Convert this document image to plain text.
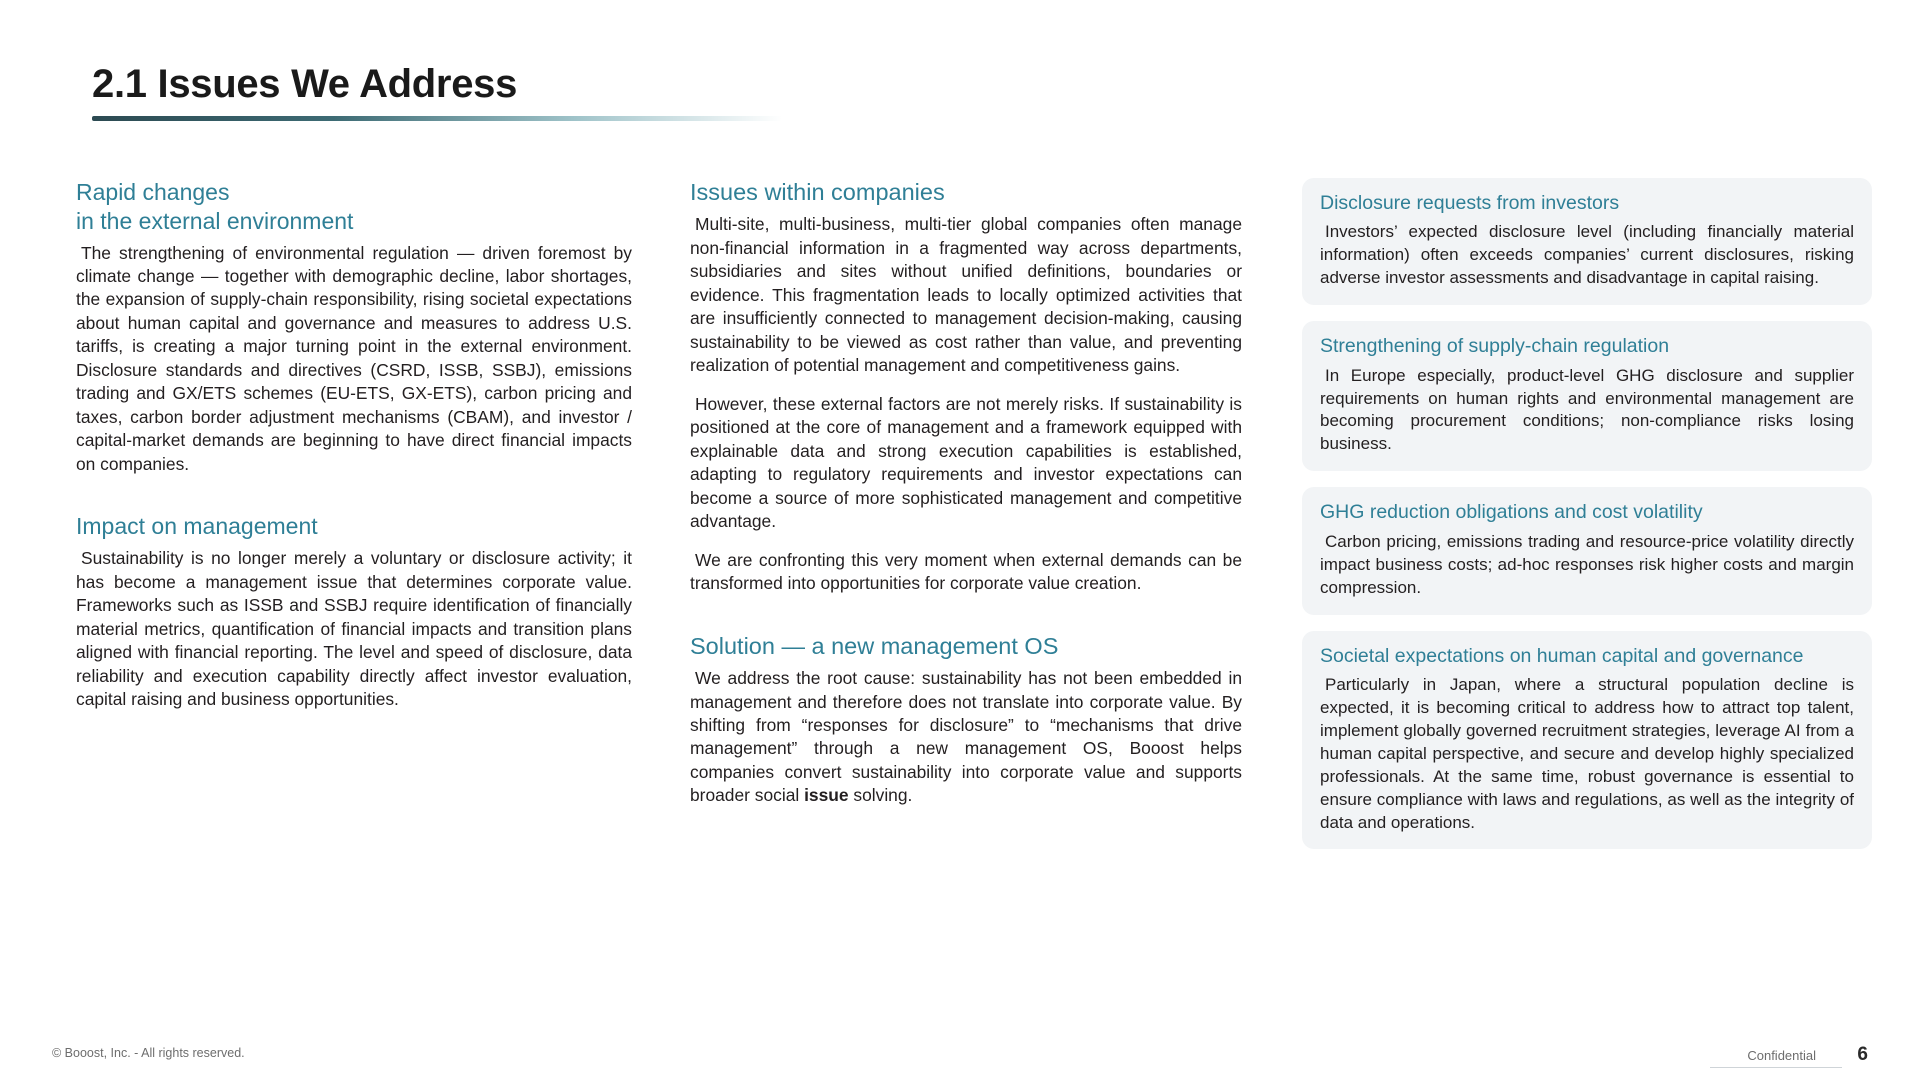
2.1 Issues We Address
Rapid changes
in the external environment

The strengthening of environmental regulation — driven foremost by climate change — together with demographic decline, labor shortages, the expansion of supply-chain responsibility, rising societal expectations about human capital and governance and measures to address U.S. tariffs, is creating a major turning point in the external environment. Disclosure standards and directives (CSRD, ISSB, SSBJ), emissions trading and GX/ETS schemes (EU-ETS, GX-ETS), carbon pricing and taxes, carbon border adjustment mechanisms (CBAM), and investor / capital-market demands are beginning to have direct financial impacts on companies.

Impact on management

Sustainability is no longer merely a voluntary or disclosure activity; it has become a management issue that determines corporate value. Frameworks such as ISSB and SSBJ require identification of financially material metrics, quantification of financial impacts and transition plans aligned with financial reporting. The level and speed of disclosure, data reliability and execution capability directly affect investor evaluation, capital raising and business opportunities.

Issues within companies

Multi-site, multi-business, multi-tier global companies often manage non-financial information in a fragmented way across departments, subsidiaries and sites without unified definitions, boundaries or evidence. This fragmentation leads to locally optimized activities that are insufficiently connected to management decision-making, causing sustainability to be viewed as cost rather than value, and preventing realization of potential management and competitiveness gains.

However, these external factors are not merely risks. If sustainability is positioned at the core of management and a framework equipped with explainable data and strong execution capabilities is established, adapting to regulatory requirements and investor expectations can become a source of more sophisticated management and competitive advantage.

We are confronting this very moment when external demands can be transformed into opportunities for corporate value creation.

Solution — a new management OS

We address the root cause: sustainability has not been embedded in management and therefore does not translate into corporate value. By shifting from “responses for disclosure” to “mechanisms that drive management” through a new management OS, Booost helps companies convert sustainability into corporate value and supports broader social issue solving.

Disclosure requests from investors

Investors’ expected disclosure level (including financially material information) often exceeds companies’ current disclosures, risking adverse investor assessments and disadvantage in capital raising.

Strengthening of supply-chain regulation

In Europe especially, product-level GHG disclosure and supplier requirements on human rights and environmental management are becoming procurement conditions; non-compliance risks losing business.

GHG reduction obligations and cost volatility

Carbon pricing, emissions trading and resource-price volatility directly impact business costs; ad-hoc responses risk higher costs and margin compression.

Societal expectations on human capital and governance

Particularly in Japan, where a structural population decline is expected, it is becoming critical to address how to attract top talent, implement globally governed recruitment strategies, leverage AI from a human capital perspective, and secure and develop highly specialized professionals. At the same time, robust governance is essential to ensure compliance with laws and regulations, as well as the integrity of data and operations.

© Booost, Inc. - All rights reserved.	Confidential 6
